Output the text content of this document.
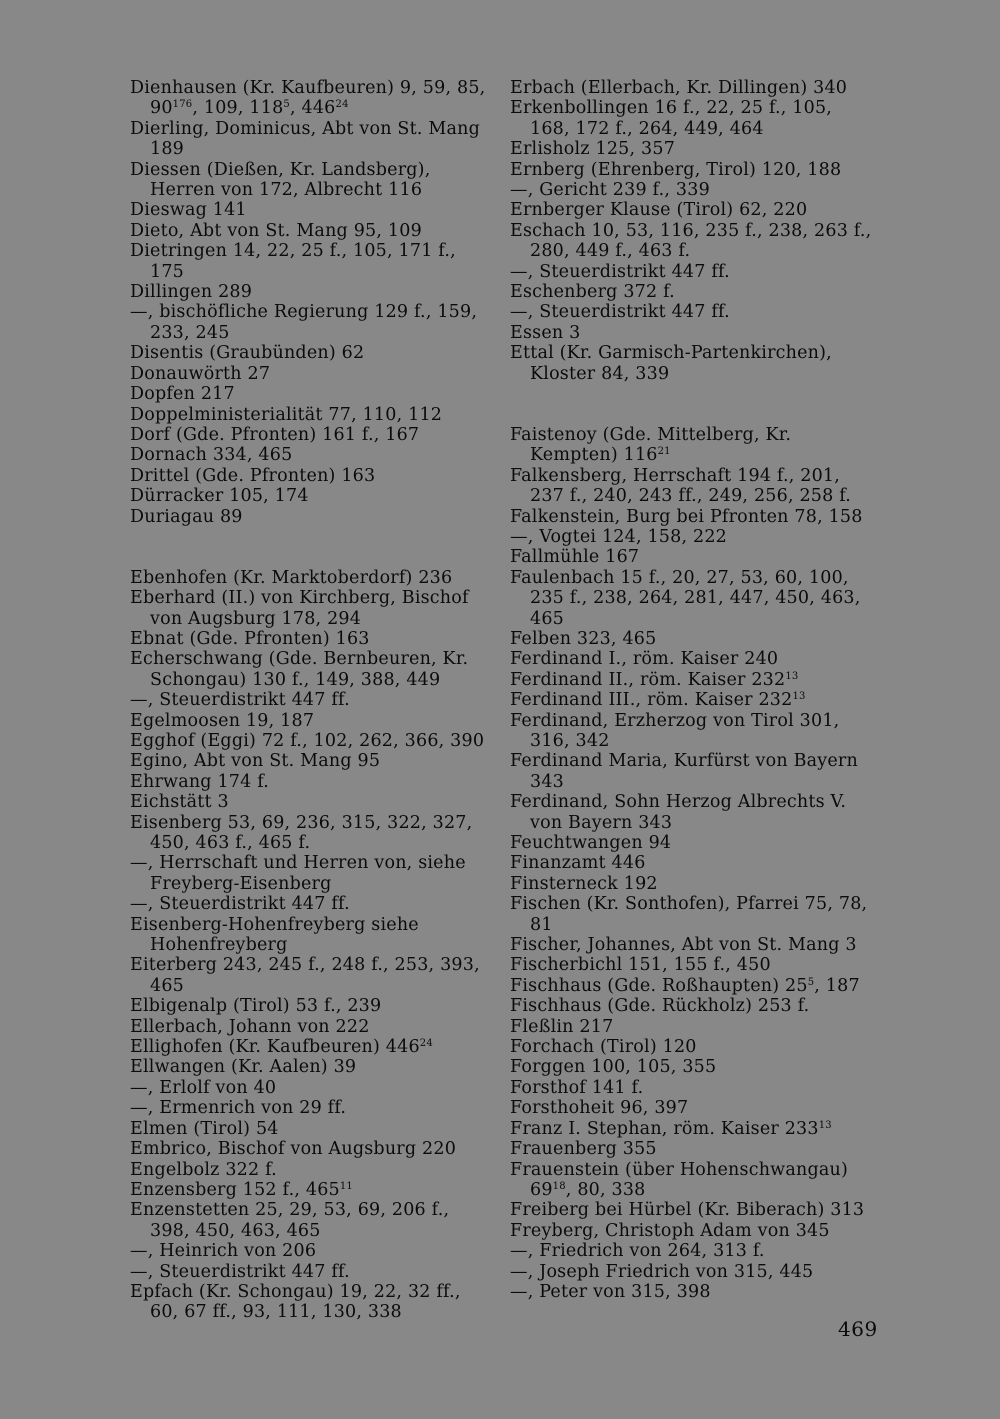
Dienhausen (Kr. Kaufbeuren) 9, 59, 85, $90^{176}$, 109, $118^5$, $446^{24}$
Dierling, Dominicus, Abt von St. Mang 189
Diessen (Dießen, Kr. Landsberg), Herren von 172, Albrecht 116
Dieswag 141
Dieto, Abt von St. Mang 95, 109
Dietringen 14, 22, 25 f., 105, 171 f., 175
Dillingen 289
—, bischöfliche Regierung 129 f., 159, 233, 245
Disentis (Graubünden) 62
Donauwörth 27
Dopfen 217
Doppelministerialität 77, 110, 112
Dorf (Gde. Pfronten) 161 f., 167
Dornach 334, 465
Drittel (Gde. Pfronten) 163
Dürracker 105, 174
Duriagau 89
Ebenhofen (Kr. Marktoberdorf) 236
Eberhard (II.) von Kirchberg, Bischof von Augsburg 178, 294
Ebnat (Gde. Pfronten) 163
Echerschwang (Gde. Bernbeuren, Kr. Schongau) 130 f., 149, 388, 449
—, Steuerdistrikt 447 ff.
Egelmoosen 19, 187
Egghof (Eggi) 72 f., 102, 262, 366, 390
Egino, Abt von St. Mang 95
Ehrwang 174 f.
Eichstätt 3
Eisenberg 53, 69, 236, 315, 322, 327, 450, 463 f., 465 f.
—, Herrschaft und Herren von, siehe Freyberg-Eisenberg
—, Steuerdistrikt 447 ff.
Eisenberg-Hohenfreyberg siehe Hohenfreyberg
Eiterberg 243, 245 f., 248 f., 253, 393, 465
Elbigenalp (Tirol) 53 f., 239
Ellerbach, Johann von 222
Ellighofen (Kr. Kaufbeuren) $446^{24}$
Ellwangen (Kr. Aalen) 39
—, Erlolf von 40
—, Ermenrich von 29 ff.
Elmen (Tirol) 54
Embrico, Bischof von Augsburg 220
Engelbolz 322 f.
Enzensberg 152 f., $465^{11}$
Enzenstetten 25, 29, 53, 69, 206 f., 398, 450, 463, 465
—, Heinrich von 206
—, Steuerdistrikt 447 ff.
Epfach (Kr. Schongau) 19, 22, 32 ff., 60, 67 ff., 93, 111, 130, 338
Erbach (Ellerbach, Kr. Dillingen) 340
Erkenbollingen 16 f., 22, 25 f., 105, 168, 172 f., 264, 449, 464
Erlisholz 125, 357
Ernberg (Ehrenberg, Tirol) 120, 188
—, Gericht 239 f., 339
Ernberger Klause (Tirol) 62, 220
Eschach 10, 53, 116, 235 f., 238, 263 f., 280, 449 f., 463 f.
—, Steuerdistrikt 447 ff.
Eschenberg 372 f.
—, Steuerdistrikt 447 ff.
Essen 3
Ettal (Kr. Garmisch-Partenkirchen), Kloster 84, 339
Faistenoy (Gde. Mittelberg, Kr. Kempten) $116^{21}$
Falkensberg, Herrschaft 194 f., 201, 237 f., 240, 243 ff., 249, 256, 258 f.
Falkenstein, Burg bei Pfronten 78, 158
—, Vogtei 124, 158, 222
Fallmühle 167
Faulenbach 15 f., 20, 27, 53, 60, 100, 235 f., 238, 264, 281, 447, 450, 463, 465
Felben 323, 465
Ferdinand I., röm. Kaiser 240
Ferdinand II., röm. Kaiser $232^{13}$
Ferdinand III., röm. Kaiser $232^{13}$
Ferdinand, Erzherzog von Tirol 301, 316, 342
Ferdinand Maria, Kurfürst von Bayern 343
Ferdinand, Sohn Herzog Albrechts V. von Bayern 343
Feuchtwangen 94
Finanzamt 446
Finsterneck 192
Fischen (Kr. Sonthofen), Pfarrei 75, 78, 81
Fischer, Johannes, Abt von St. Mang 3
Fischerbichl 151, 155 f., 450
Fischhaus (Gde. Roßhaupten) $25^5$, 187
Fischhaus (Gde. Rückholz) 253 f.
Fleßlin 217
Forchach (Tirol) 120
Forggen 100, 105, 355
Forsthof 141 f.
Forsthoheit 96, 397
Franz I. Stephan, röm. Kaiser $233^{13}$
Frauenberg 355
Frauenstein (über Hohenschwangau) $69^{18}$, 80, 338
Freiberg bei Hürbel (Kr. Biberach) 313
Freyberg, Christoph Adam von 345
—, Friedrich von 264, 313 f.
—, Joseph Friedrich von 315, 445
—, Peter von 315, 398
469
